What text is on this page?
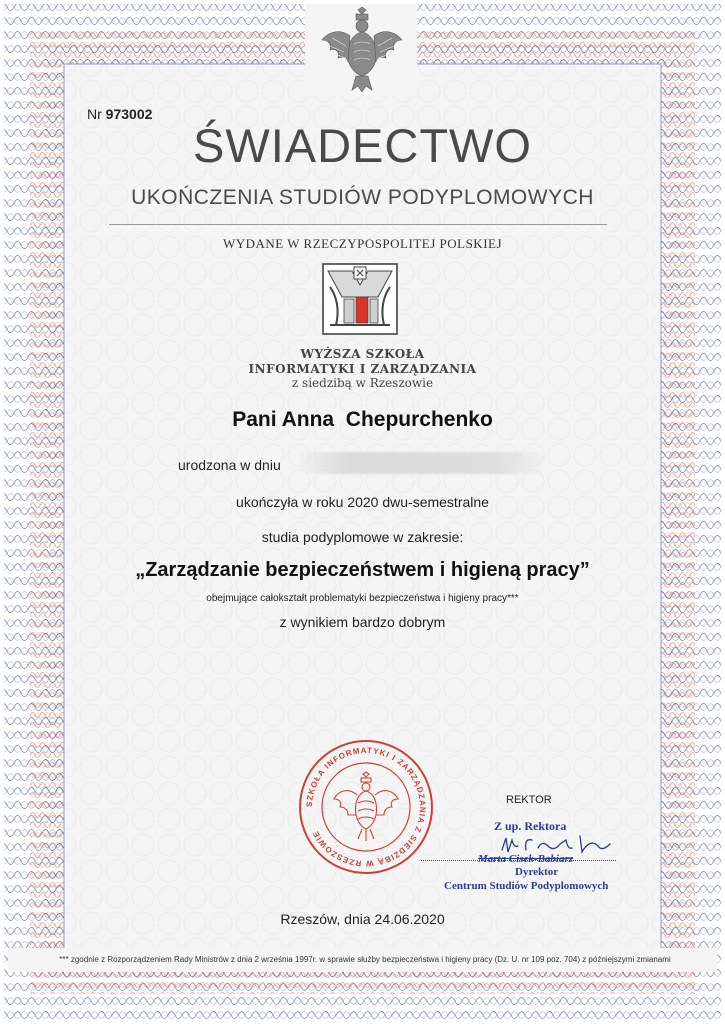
Nr 973002
ŚWIADECTWO
UKOŃCZENIA STUDIÓW PODYPLOMOWYCH
WYDANE W RZECZYPOSPOLITEJ POLSKIEJ
WYŻSZA SZKOŁA
INFORMATYKI I ZARZĄDZANIA
z siedzibą w Rzeszowie
Pani Anna  Chepurchenko
urodzona w dniu
ukończyła w roku 2020 dwu-semestralne
studia podyplomowe w zakresie:
„Zarządzanie bezpieczeństwem i higieną pracy”
obejmujące całokształt problematyki bezpieczeństwa i higieny pracy***
z wynikiem bardzo dobrym
SZKOŁA INFORMATYKI I ZARZĄDZANIA Z SIEDZIBĄ W RZESZOWIE
REKTOR
Z up. Rektora
Marta Cisek-Babiarz
Dyrektor
Centrum Studiów Podyplomowych
Rzeszów, dnia 24.06.2020
*** zgodnie z Rozporządzeniem Rady Ministrów z dnia 2 września 1997r. w sprawie służby bezpieczeństwa i higieny pracy (Dz. U. nr 109 poz. 704) z późniejszymi zmianami
